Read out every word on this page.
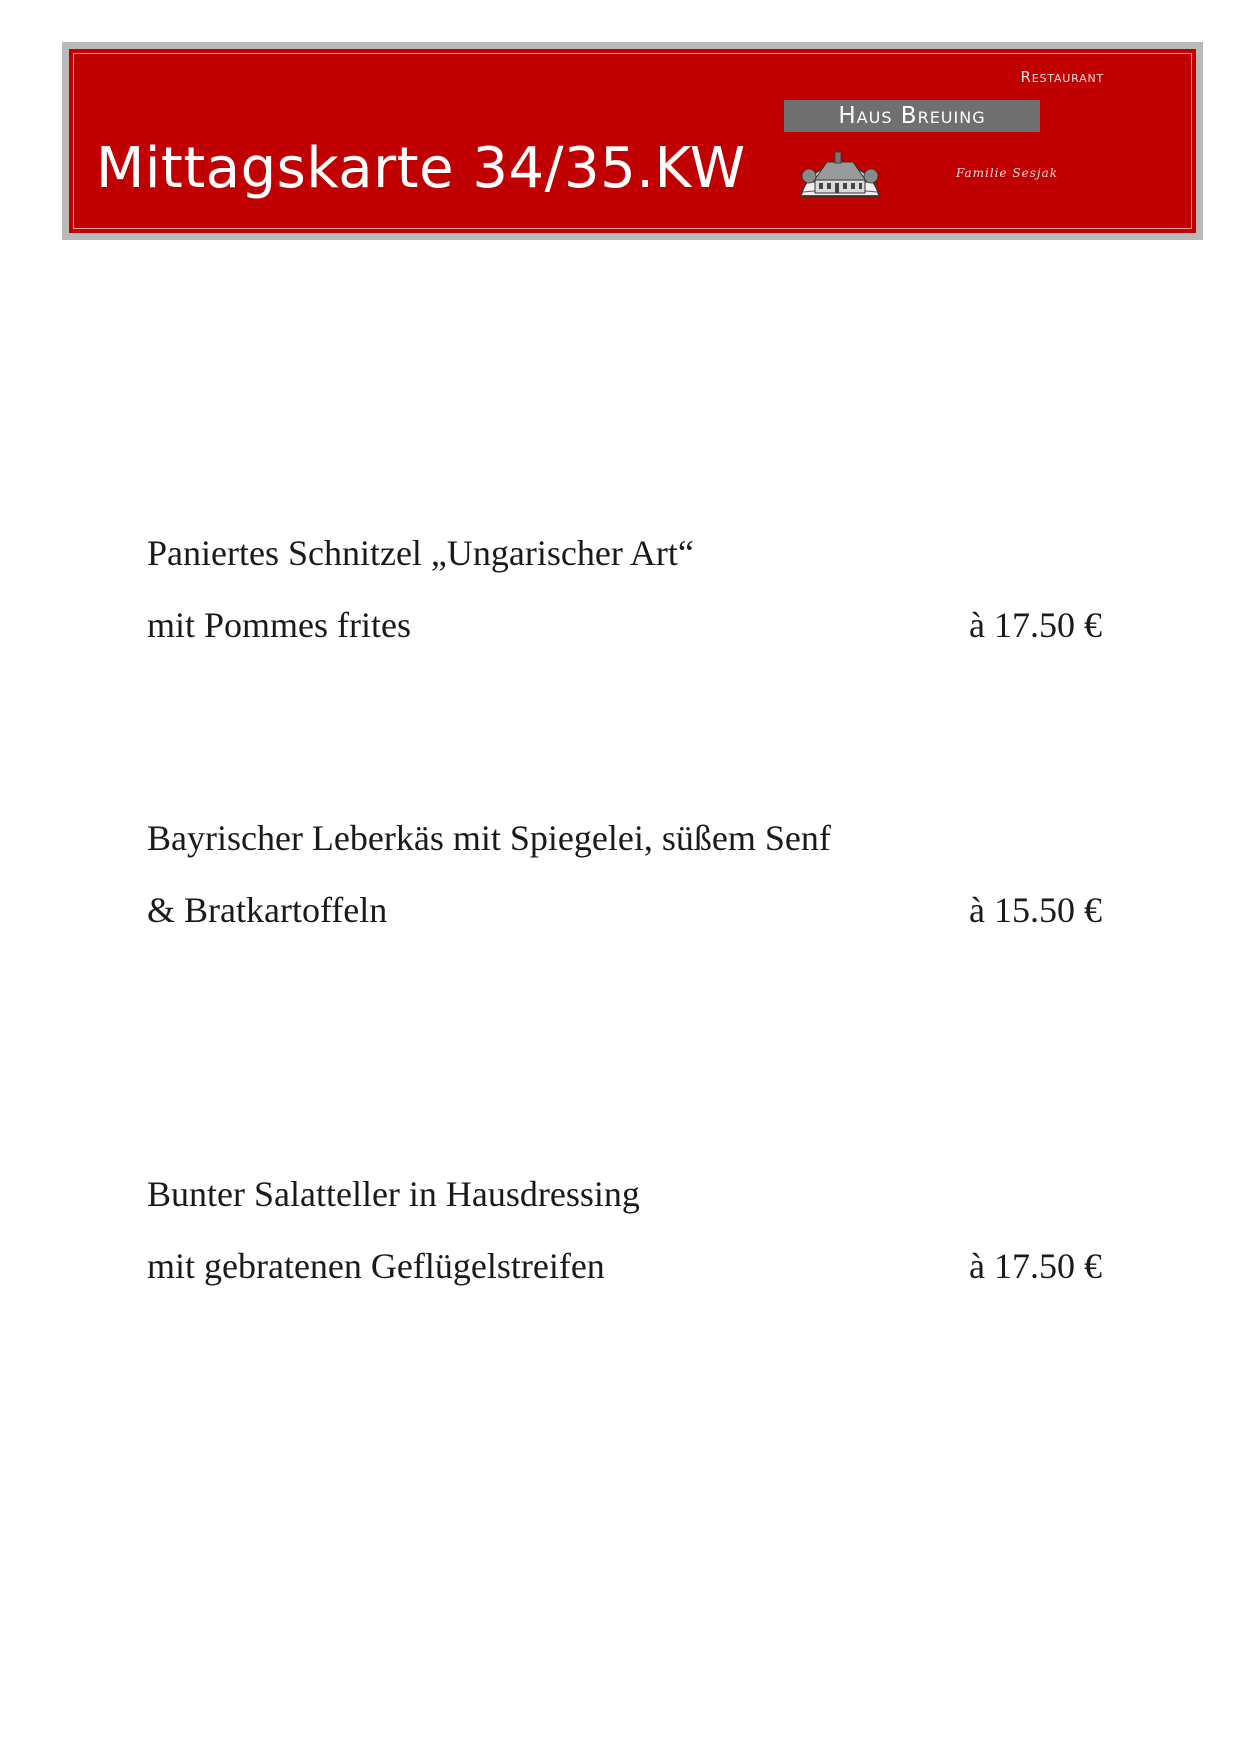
Mittagskarte 34/35.KW
Restaurant
Haus Breuing
Familie Sesjak
Paniertes Schnitzel „Ungarischer Art“
mit Pommes frites	à 17.50 €
Bayrischer Leberkäs mit Spiegelei, süßem Senf
& Bratkartoffeln	à 15.50 €
Bunter Salatteller in Hausdressing
mit gebratenen Geflügelstreifen	à 17.50 €
